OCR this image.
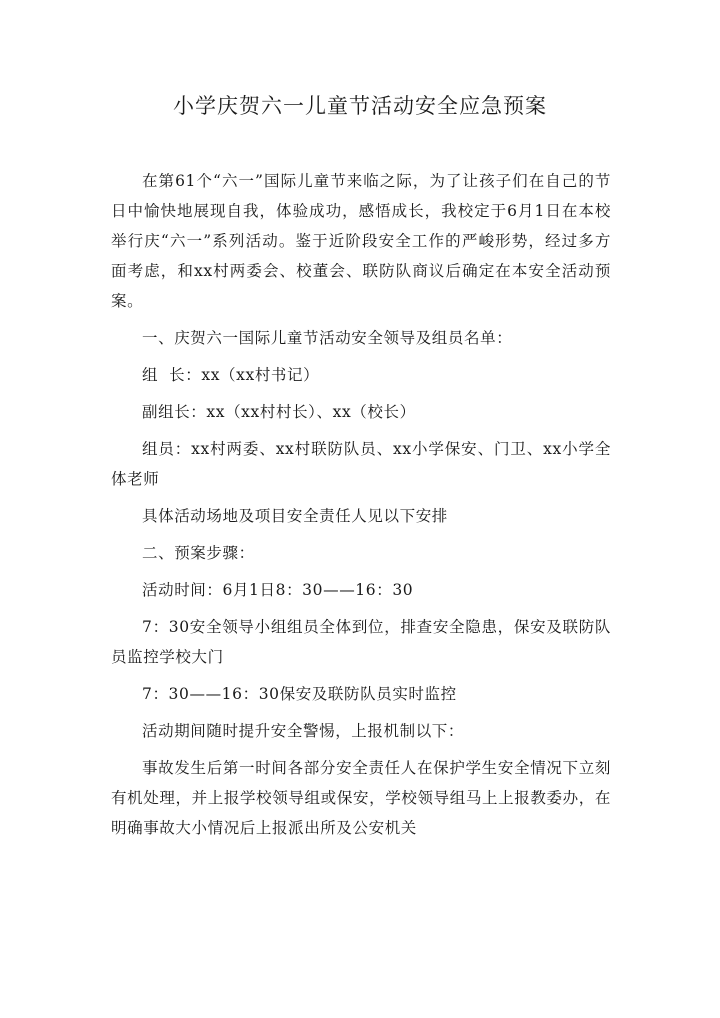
小学庆贺六一儿童节活动安全应急预案

在第61个“六一”国际儿童节来临之际，为了让孩子们在自己的节日中愉快地展现自我，体验成功，感悟成长，我校定于6月1日在本校举行庆“六一”系列活动。鉴于近阶段安全工作的严峻形势，经过多方面考虑，和xx村两委会、校董会、联防队商议后确定在本安全活动预案。

一、庆贺六一国际儿童节活动安全领导及组员名单：

组  长：xx（xx村书记）

副组长：xx（xx村村长）、xx（校长）

组员：xx村两委、xx村联防队员、xx小学保安、门卫、xx小学全体老师

具体活动场地及项目安全责任人见以下安排

二、预案步骤：

活动时间：6月1日8：30——16：30

7：30安全领导小组组员全体到位，排查安全隐患，保安及联防队员监控学校大门

7：30——16：30保安及联防队员实时监控

活动期间随时提升安全警惕，上报机制以下：

事故发生后第一时间各部分安全责任人在保护学生安全情况下立刻有机处理，并上报学校领导组或保安，学校领导组马上上报教委办，在明确事故大小情况后上报派出所及公安机关
